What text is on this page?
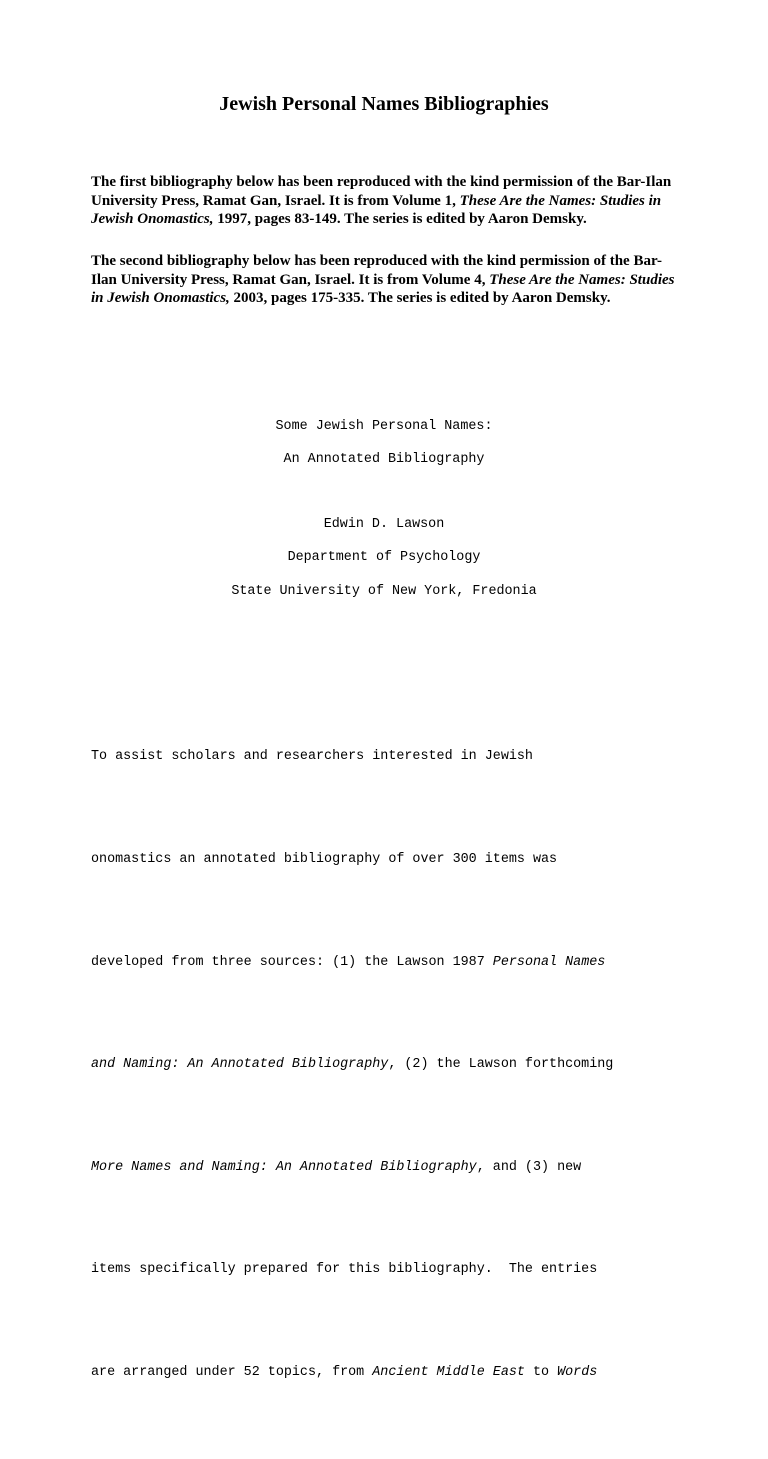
Jewish Personal Names Bibliographies

The first bibliography below has been reproduced with the kind permission of the Bar-Ilan University Press, Ramat Gan, Israel. It is from Volume 1, These Are the Names: Studies in Jewish Onomastics, 1997, pages 83-149. The series is edited by Aaron Demsky.

The second bibliography below has been reproduced with the kind permission of the Bar-Ilan University Press, Ramat Gan, Israel. It is from Volume 4, These Are the Names: Studies in Jewish Onomastics, 2003, pages 175-335. The series is edited by Aaron Demsky.

Some Jewish Personal Names:

An Annotated Bibliography

Edwin D. Lawson

Department of Psychology

State University of New York, Fredonia

To assist scholars and researchers interested in Jewish

onomastics an annotated bibliography of over 300 items was

developed from three sources: (1) the Lawson 1987 Personal Names

and Naming: An Annotated Bibliography, (2) the Lawson forthcoming

More Names and Naming: An Annotated Bibliography, and (3) new

items specifically prepared for this bibliography.  The entries

are arranged under 52 topics, from Ancient Middle East to Words
